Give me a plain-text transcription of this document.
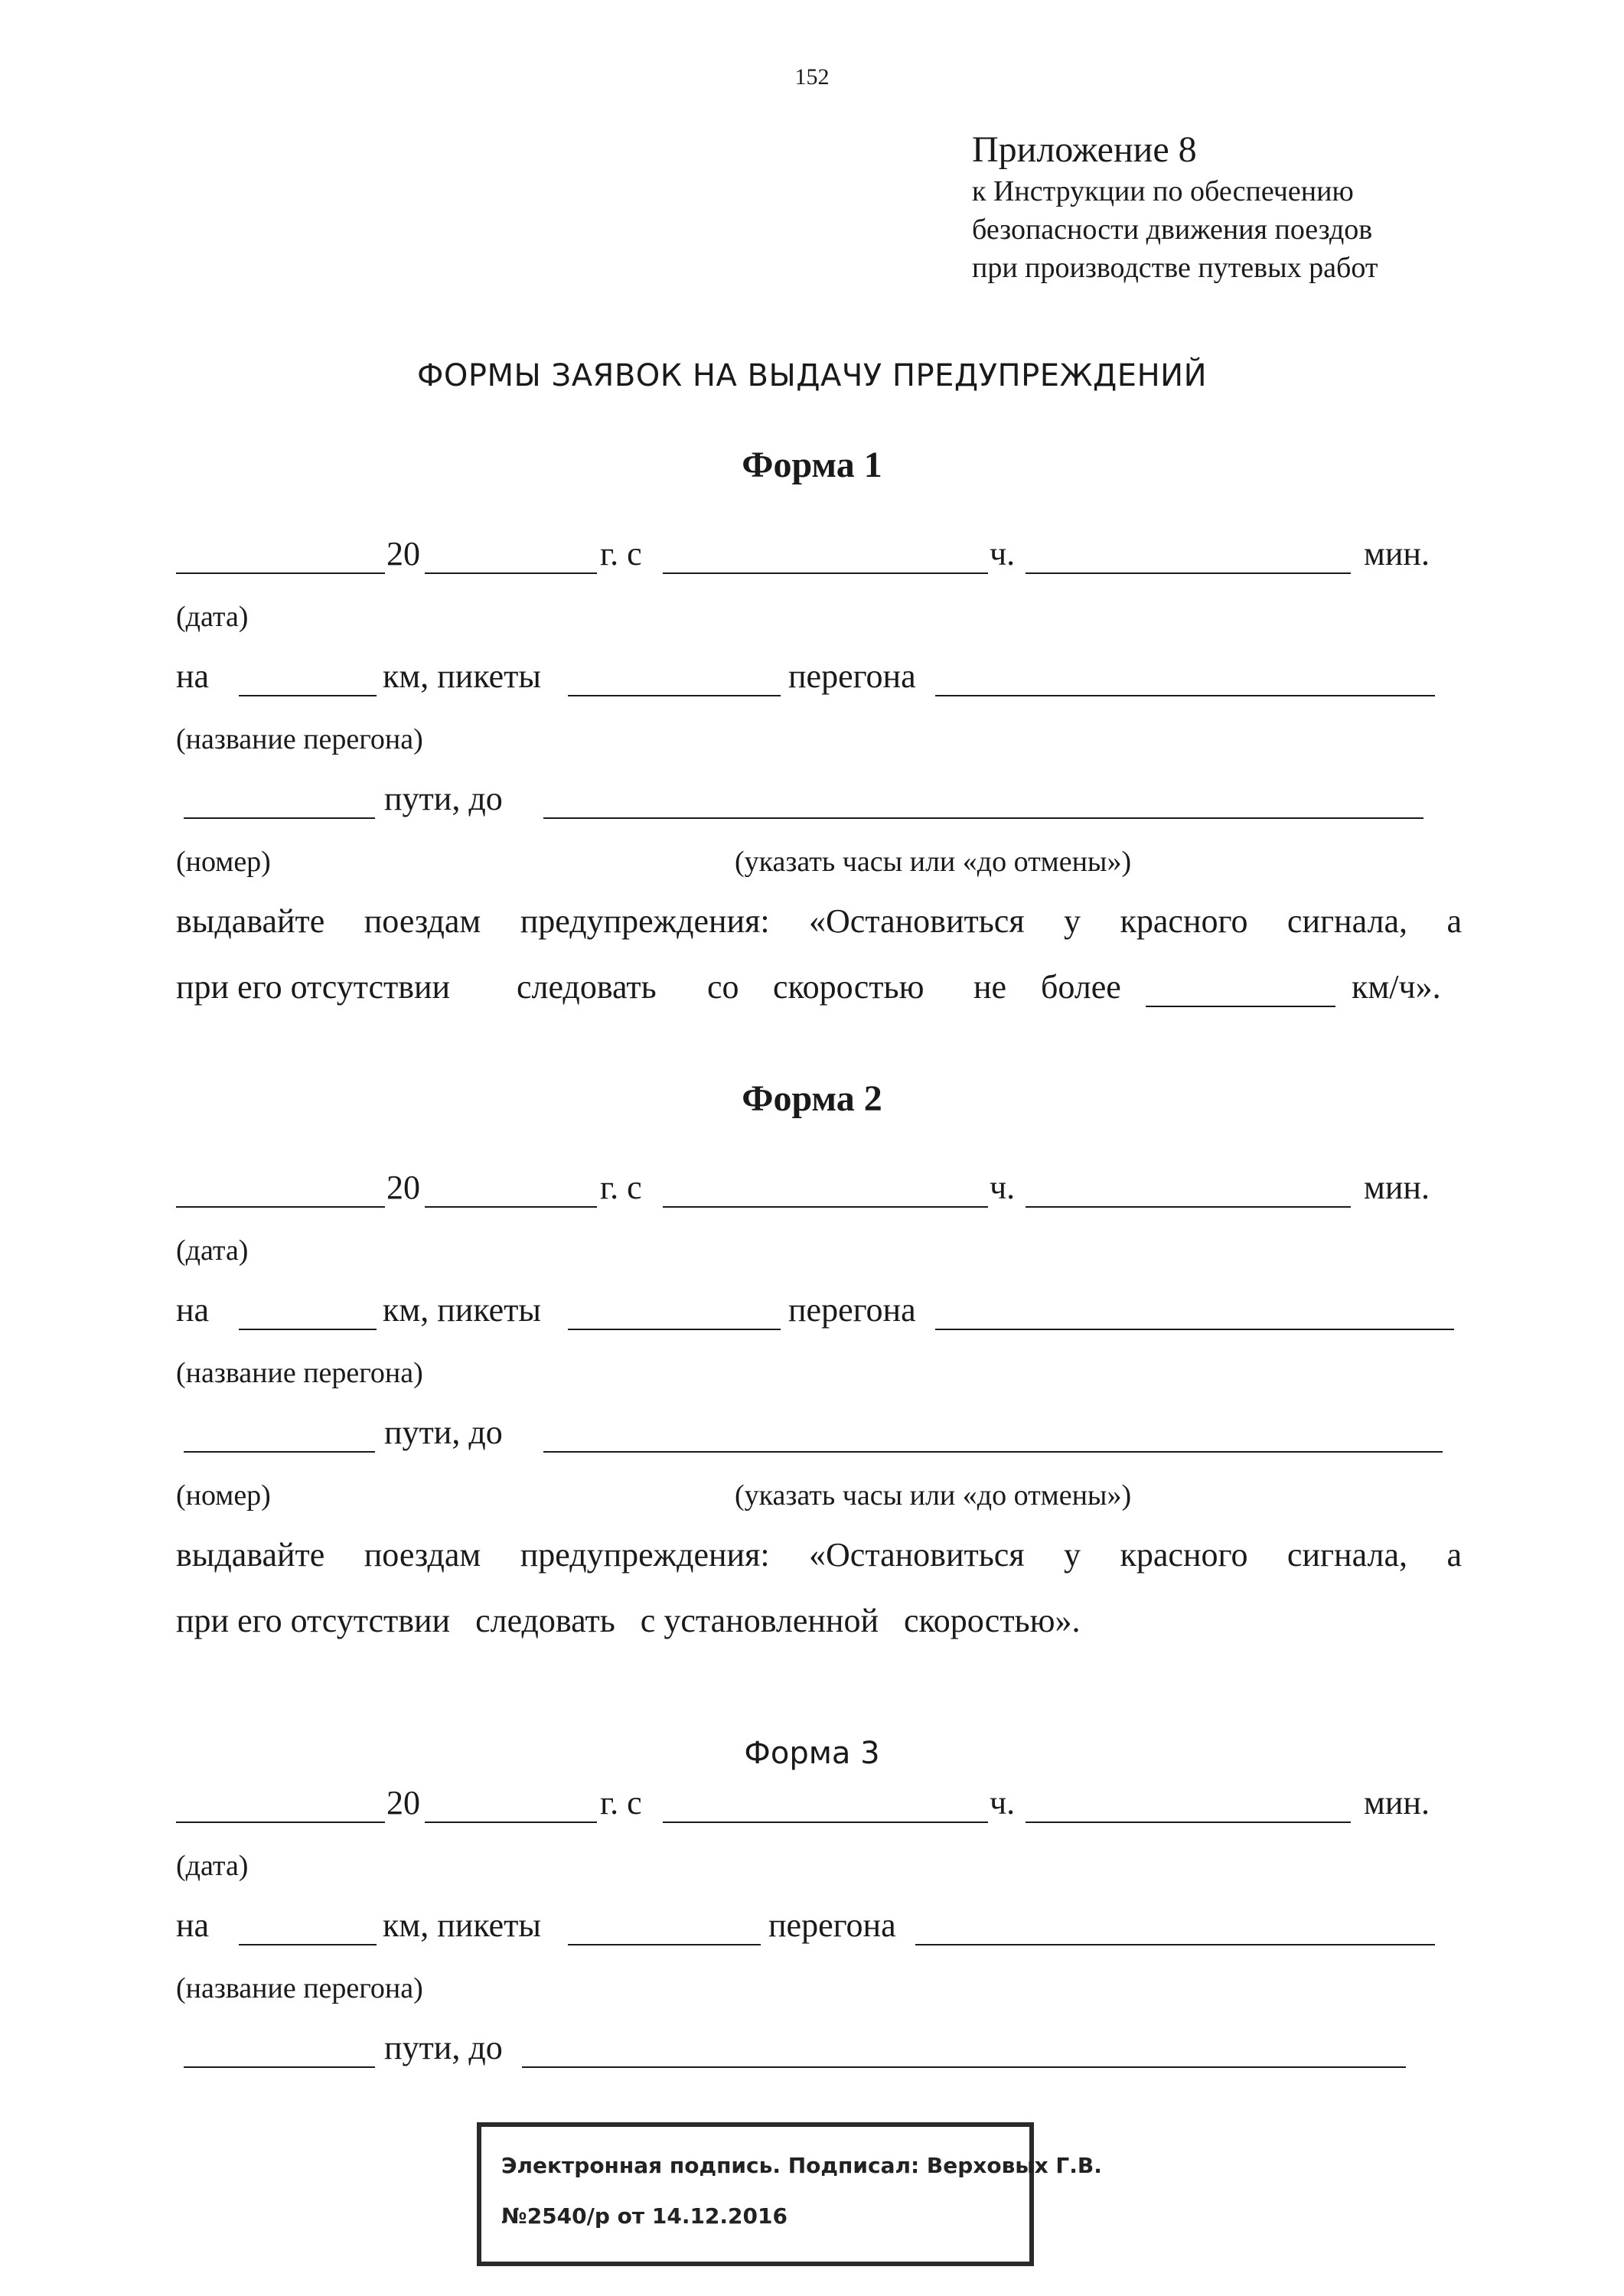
152
Приложение 8
к Инструкции по обеспечению
безопасности движения поездов
при производстве путевых работ
ФОРМЫ ЗАЯВОК НА ВЫДАЧУ ПРЕДУПРЕЖДЕНИЙ
Форма 1
20	г. с	ч.	мин.
(дата)
на	км, пикеты	перегона
(название перегона)
пути, до
(номер)	(указать часы или «до отмены»)
выдавайте поездам предупреждения: «Остановиться у красного сигнала, а
при его отсутствии следовать со скоростью не более	км/ч».
Форма 2
20	г. с	ч.	мин.
(дата)
на	км, пикеты	перегона
(название перегона)
пути, до
(номер)	(указать часы или «до отмены»)
выдавайте поездам предупреждения: «Остановиться у красного сигнала, а
при его отсутствии   следовать   с установленной   скоростью».
Форма 3
20	г. с	ч.	мин.
(дата)
на	км, пикеты	перегона
(название перегона)
пути, до
Электронная подпись. Подписал: Верховых Г.В.
№2540/р от 14.12.2016
